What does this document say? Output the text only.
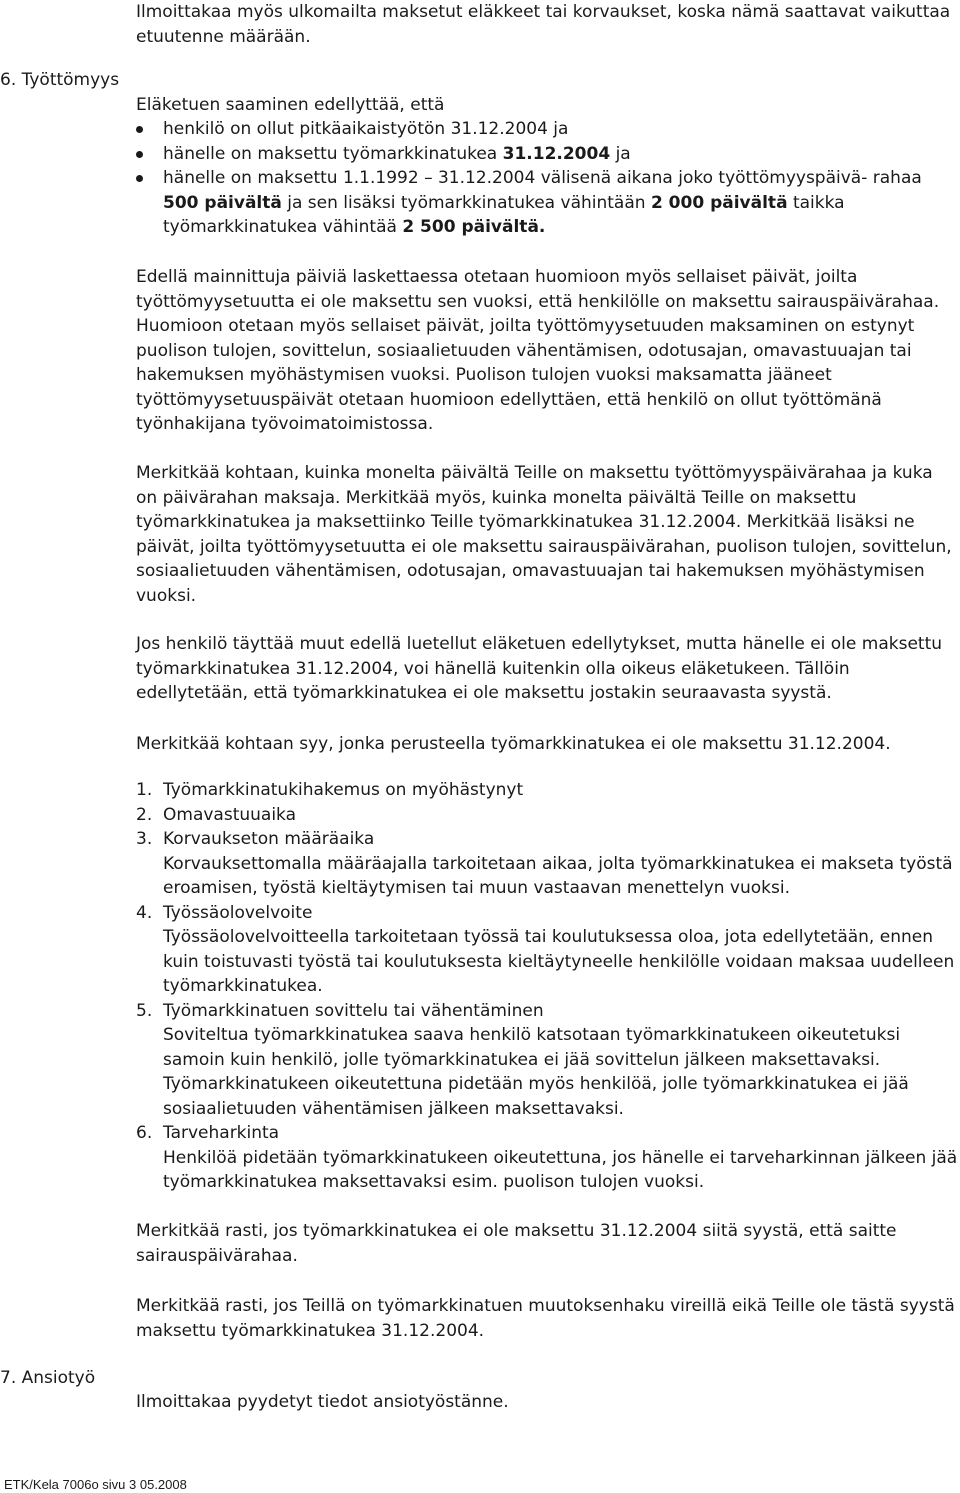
Ilmoittakaa myös ulkomailta maksetut eläkkeet tai korvaukset, koska nämä saattavat vaikuttaa etuutenne määrään.

6. Työttömyys

Eläketuen saaminen edellyttää, että

henkilö on ollut pitkäaikaistyötön 31.12.2004 ja
hänelle on maksettu työmarkkinatukea 31.12.2004 ja
hänelle on maksettu 1.1.1992 – 31.12.2004 välisenä aikana joko työttömyyspäivä- rahaa 500 päivältä ja sen lisäksi työmarkkinatukea vähintään 2 000 päivältä taikka työmarkkinatukea vähintää 2 500 päivältä.

Edellä mainnittuja päiviä laskettaessa otetaan huomioon myös sellaiset päivät, joilta työttömyysetuutta ei ole maksettu sen vuoksi, että henkilölle on maksettu sairauspäivärahaa. Huomioon otetaan myös sellaiset päivät, joilta työttömyysetuuden maksaminen on estynyt puolison tulojen, sovittelun, sosiaalietuuden vähentämisen, odotusajan, omavastuuajan tai hakemuksen myöhästymisen vuoksi. Puolison tulojen vuoksi maksamatta jääneet työttömyysetuuspäivät otetaan huomioon edellyttäen, että henkilö on ollut työttömänä työnhakijana työvoimatoimistossa.

Merkitkää kohtaan, kuinka monelta päivältä Teille on maksettu työttömyyspäivärahaa ja kuka on päivärahan maksaja. Merkitkää myös, kuinka monelta päivältä Teille on maksettu työmarkkinatukea ja maksettiinko Teille työmarkkinatukea 31.12.2004. Merkitkää lisäksi ne päivät, joilta työttömyysetuutta ei ole maksettu sairauspäivärahan, puolison tulojen, sovittelun, sosiaalietuuden vähentämisen, odotusajan, omavastuuajan tai hakemuksen myöhästymisen vuoksi.

Jos henkilö täyttää muut edellä luetellut eläketuen edellytykset, mutta hänelle ei ole maksettu työmarkkinatukea 31.12.2004, voi hänellä kuitenkin olla oikeus eläketukeen. Tällöin edellytetään, että työmarkkinatukea ei ole maksettu jostakin seuraavasta syystä.

Merkitkää kohtaan syy, jonka perusteella työmarkkinatukea ei ole maksettu 31.12.2004.

1. Työmarkkinatukihakemus on myöhästynyt
2. Omavastuuaika
3. Korvaukseton määräaika
Korvauksettomalla määräajalla tarkoitetaan aikaa, jolta työmarkkinatukea ei makseta työstä eroamisen, työstä kieltäytymisen tai muun vastaavan menettelyn vuoksi.
4. Työssäolovelvoite
Työssäolovelvoitteella tarkoitetaan työssä tai koulutuksessa oloa, jota edellytetään, ennen kuin toistuvasti työstä tai koulutuksesta kieltäytyneelle henkilölle voidaan maksaa uudelleen työmarkkinatukea.
5. Työmarkkinatuen sovittelu tai vähentäminen
Soviteltua työmarkkinatukea saava henkilö katsotaan työmarkkinatukeen oikeutetuksi samoin kuin henkilö, jolle työmarkkinatukea ei jää sovittelun jälkeen maksettavaksi. Työmarkkinatukeen oikeutettuna pidetään myös henkilöä, jolle työmarkkinatukea ei jää sosiaalietuuden vähentämisen jälkeen maksettavaksi.
6. Tarveharkinta
Henkilöä pidetään työmarkkinatukeen oikeutettuna, jos hänelle ei tarveharkinnan jälkeen jää työmarkkinatukea maksettavaksi esim. puolison tulojen vuoksi.

Merkitkää rasti, jos työmarkkinatukea ei ole maksettu 31.12.2004 siitä syystä, että saitte sairauspäivärahaa.

Merkitkää rasti, jos Teillä on työmarkkinatuen muutoksenhaku vireillä eikä Teille ole tästä syystä maksettu työmarkkinatukea 31.12.2004.

7. Ansiotyö

Ilmoittakaa pyydetyt tiedot ansiotyöstänne.

ETK/Kela 7006o sivu 3 05.2008
